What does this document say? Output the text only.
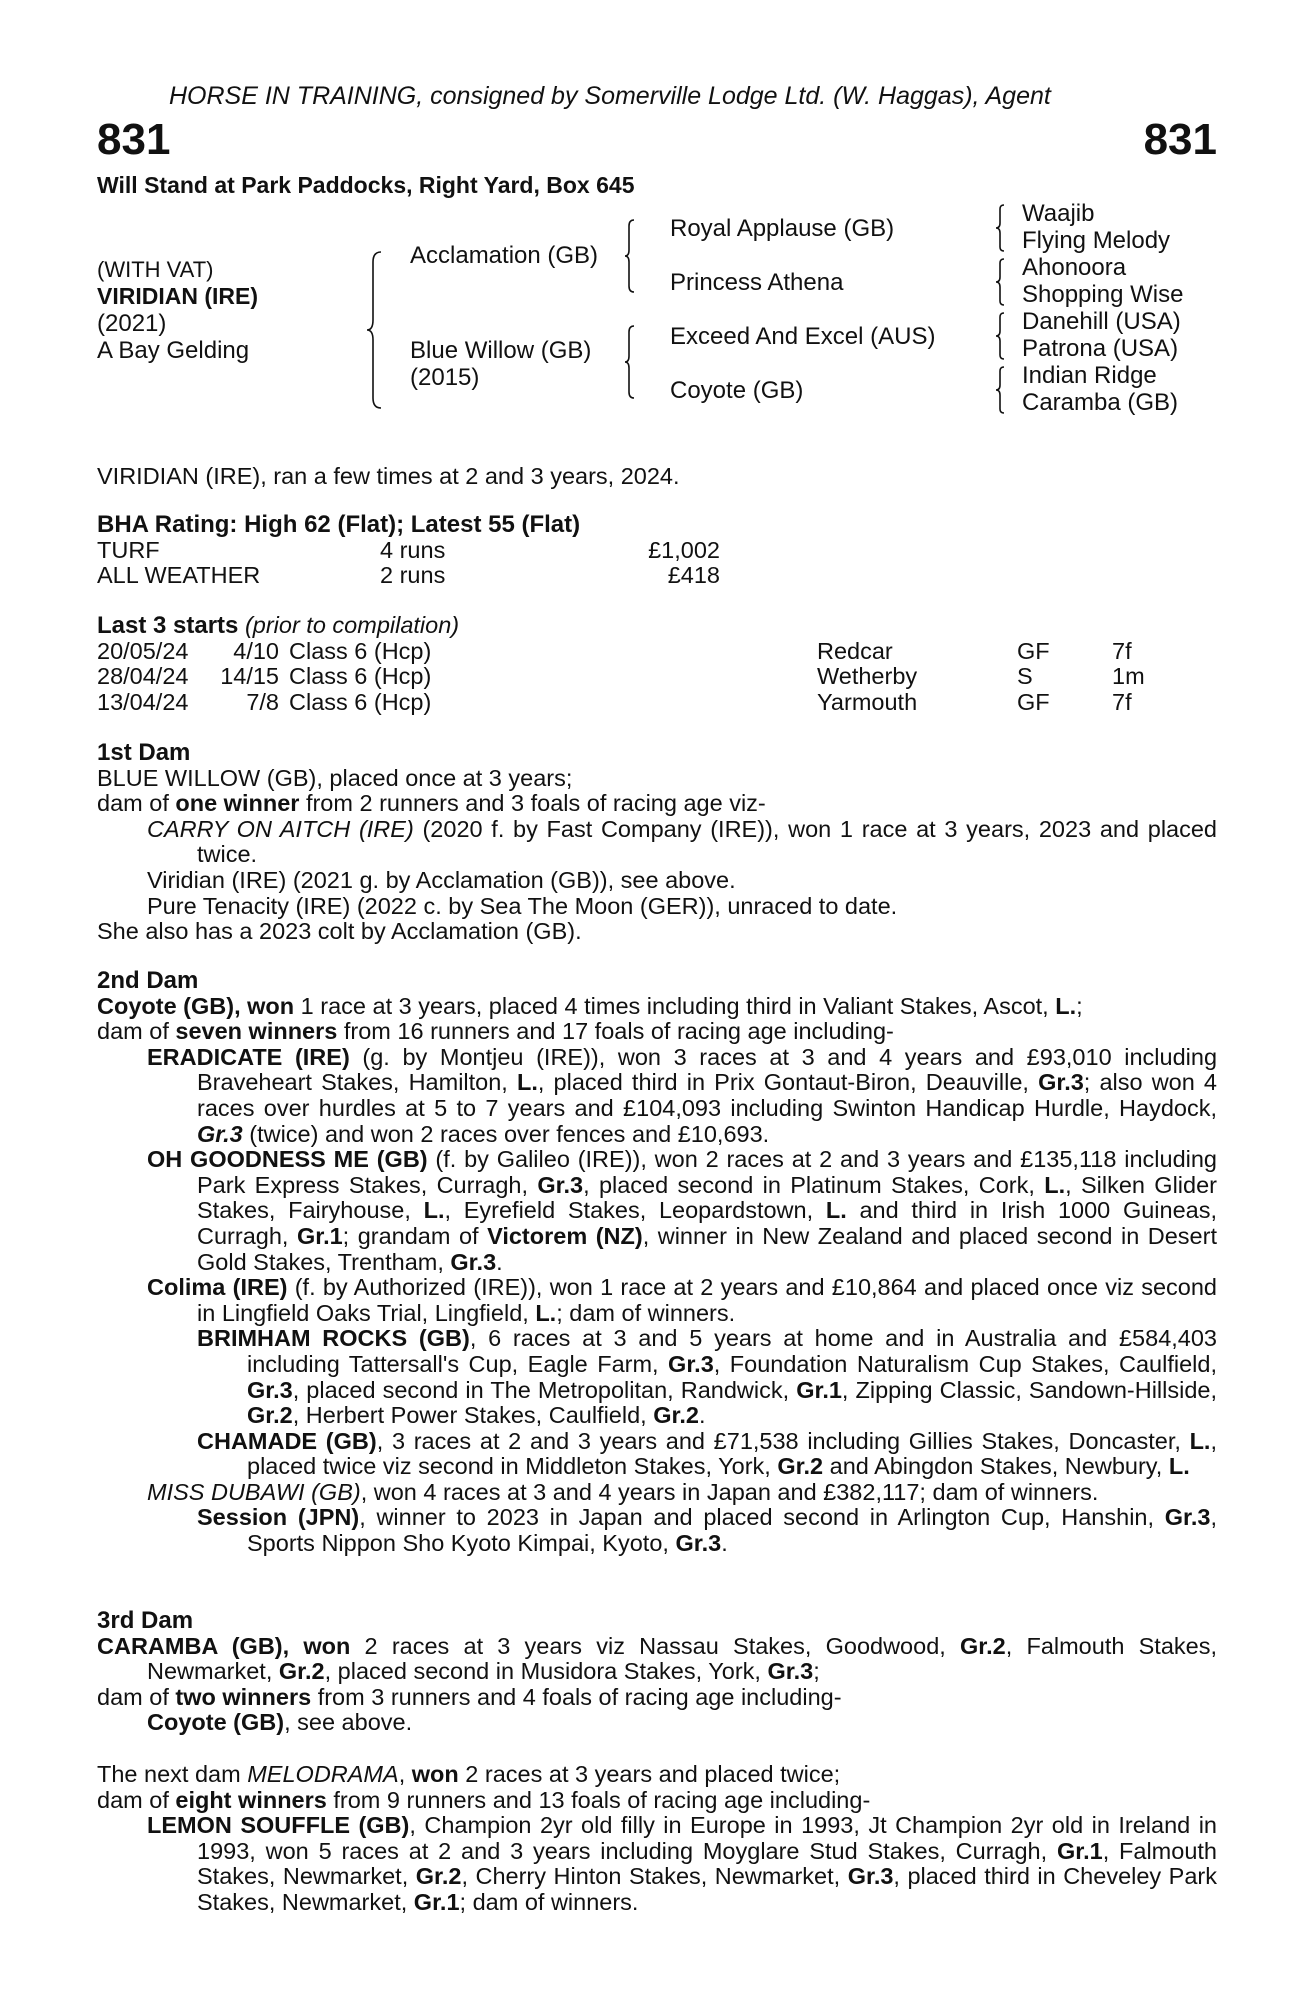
HORSE IN TRAINING, consigned by Somerville Lodge Ltd. (W. Haggas), Agent
831	831
Will Stand at Park Paddocks, Right Yard, Box 645
(WITH VAT)
VIRIDIAN (IRE)
(2021)
A Bay Gelding
Acclamation (GB)
Blue Willow (GB)
(2015)
Royal Applause (GB)
Princess Athena
Exceed And Excel (AUS)
Coyote (GB)
Waajib
Flying Melody
Ahonoora
Shopping Wise
Danehill (USA)
Patrona (USA)
Indian Ridge
Caramba (GB)
VIRIDIAN (IRE), ran a few times at 2 and 3 years, 2024.

BHA Rating: High 62 (Flat); Latest 55 (Flat)

TURF	4 runs	£1,002
ALL WEATHER	2 runs	£418

Last 3 starts (prior to compilation)

20/05/24 4/10 Class 6 (Hcp)	Redcar	GF	7f
28/04/24 14/15 Class 6 (Hcp)	Wetherby	S	1m
13/04/24 7/8 Class 6 (Hcp)	Yarmouth	GF	7f

1st Dam

BLUE WILLOW (GB), placed once at 3 years;

dam of one winner from 2 runners and 3 foals of racing age viz-

CARRY ON AITCH (IRE) (2020 f. by Fast Company (IRE)), won 1 race at 3 years, 2023 and placed twice.

Viridian (IRE) (2021 g. by Acclamation (GB)), see above.

Pure Tenacity (IRE) (2022 c. by Sea The Moon (GER)), unraced to date.

She also has a 2023 colt by Acclamation (GB).

2nd Dam

Coyote (GB), won 1 race at 3 years, placed 4 times including third in Valiant Stakes, Ascot, L.;

dam of seven winners from 16 runners and 17 foals of racing age including-

ERADICATE (IRE) (g. by Montjeu (IRE)), won 3 races at 3 and 4 years and £93,010 including Braveheart Stakes, Hamilton, L., placed third in Prix Gontaut-Biron, Deauville, Gr.3; also won 4 races over hurdles at 5 to 7 years and £104,093 including Swinton Handicap Hurdle, Haydock, Gr.3 (twice) and won 2 races over fences and £10,693.

OH GOODNESS ME (GB) (f. by Galileo (IRE)), won 2 races at 2 and 3 years and £135,118 including Park Express Stakes, Curragh, Gr.3, placed second in Platinum Stakes, Cork, L., Silken Glider Stakes, Fairyhouse, L., Eyrefield Stakes, Leopardstown, L. and third in Irish 1000 Guineas, Curragh, Gr.1; grandam of Victorem (NZ), winner in New Zealand and placed second in Desert Gold Stakes, Trentham, Gr.3.

Colima (IRE) (f. by Authorized (IRE)), won 1 race at 2 years and £10,864 and placed once viz second in Lingfield Oaks Trial, Lingfield, L.; dam of winners.

BRIMHAM ROCKS (GB), 6 races at 3 and 5 years at home and in Australia and £584,403 including Tattersall's Cup, Eagle Farm, Gr.3, Foundation Naturalism Cup Stakes, Caulfield, Gr.3, placed second in The Metropolitan, Randwick, Gr.1, Zipping Classic, Sandown-Hillside, Gr.2, Herbert Power Stakes, Caulfield, Gr.2.

CHAMADE (GB), 3 races at 2 and 3 years and £71,538 including Gillies Stakes, Doncaster, L., placed twice viz second in Middleton Stakes, York, Gr.2 and Abingdon Stakes, Newbury, L.

MISS DUBAWI (GB), won 4 races at 3 and 4 years in Japan and £382,117; dam of winners.

Session (JPN), winner to 2023 in Japan and placed second in Arlington Cup, Hanshin, Gr.3, Sports Nippon Sho Kyoto Kimpai, Kyoto, Gr.3.

3rd Dam

CARAMBA (GB), won 2 races at 3 years viz Nassau Stakes, Goodwood, Gr.2, Falmouth Stakes, Newmarket, Gr.2, placed second in Musidora Stakes, York, Gr.3;

dam of two winners from 3 runners and 4 foals of racing age including-

Coyote (GB), see above.

The next dam MELODRAMA, won 2 races at 3 years and placed twice;

dam of eight winners from 9 runners and 13 foals of racing age including-

LEMON SOUFFLE (GB), Champion 2yr old filly in Europe in 1993, Jt Champion 2yr old in Ireland in 1993, won 5 races at 2 and 3 years including Moyglare Stud Stakes, Curragh, Gr.1, Falmouth Stakes, Newmarket, Gr.2, Cherry Hinton Stakes, Newmarket, Gr.3, placed third in Cheveley Park Stakes, Newmarket, Gr.1; dam of winners.
